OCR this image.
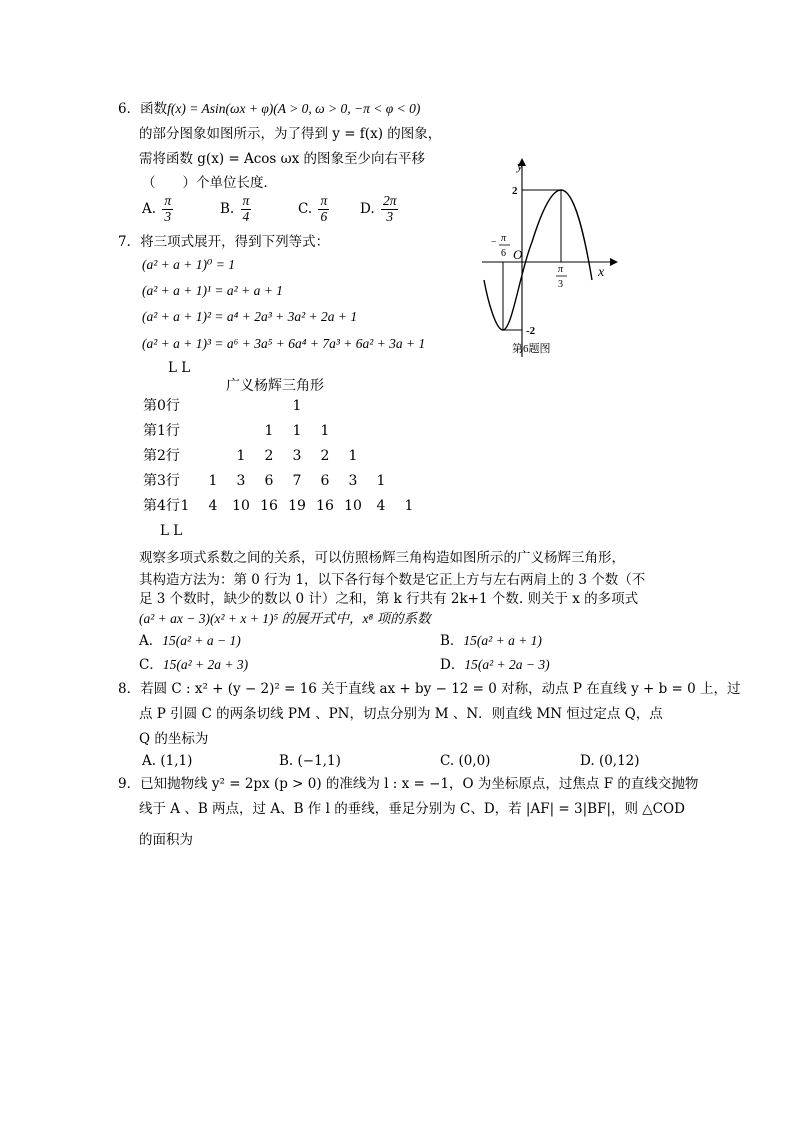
6．函数f(x) = Asin(ωx + φ)(A > 0, ω > 0, −π < φ < 0)
的部分图象如图所示，为了得到 y = f(x) 的图象，
需将函数 g(x) = Acos ωx 的图象至少向右平移
（　　）个单位长度．
A. $\frac{\pi}{3}$	B. $\frac{\pi}{4}$	C. $\frac{\pi}{6} D$. $\frac{2\pi}{3}$
y
x
O
2
-2
− π
6
π
3
第6题图
7．将三项式展开，得到下列等式：
(a² + a + 1)⁰ = 1
(a² + a + 1)¹ = a² + a + 1
(a² + a + 1)² = a⁴ + 2a³ + 3a² + 2a + 1
(a² + a + 1)³ = a⁶ + 3a⁵ + 6a⁴ + 7a³ + 6a² + 3a + 1
L L
广义杨辉三角形
第0行	1
第1行	1	1	1
第2行	1	2	3	2	1
第3行	1	3	6	7	6	3	1
第4行 1	4	10 16 19 16 10	4	1
L L
观察多项式系数之间的关系，可以仿照杨辉三角构造如图所示的广义杨辉三角形，
其构造方法为：第 0 行为 1，以下各行每个数是它正上方与左右两肩上的 3 个数（不
足 3 个数时，缺少的数以 0 计）之和，第 k 行共有 2k+1 个数. 则关于 x 的多项式
(a² + ax − 3)(x² + x + 1)⁵ 的展开式中，x⁸ 项的系数
A．15(a² + a − 1)	B．15(a² + a + 1)
C．15(a² + 2a + 3)	D．15(a² + 2a − 3)
8．若圆 C : x² + (y − 2)² = 16 关于直线 ax + by − 12 = 0 对称，动点 P 在直线 y + b = 0 上，过
点 P 引圆 C 的两条切线 PM 、PN，切点分别为 M 、N．则直线 MN 恒过定点 Q，点
Q 的坐标为
A. (1,1)	B. (−1,1)	C. (0,0)	D. (0,12)
9．已知抛物线 y² = 2px (p > 0) 的准线为 l : x = −1，O 为坐标原点，过焦点 F 的直线交抛物
线于 A 、B 两点，过 A、B 作 l 的垂线，垂足分别为 C、D，若 |AF| = 3|BF|，则 △COD
的面积为
